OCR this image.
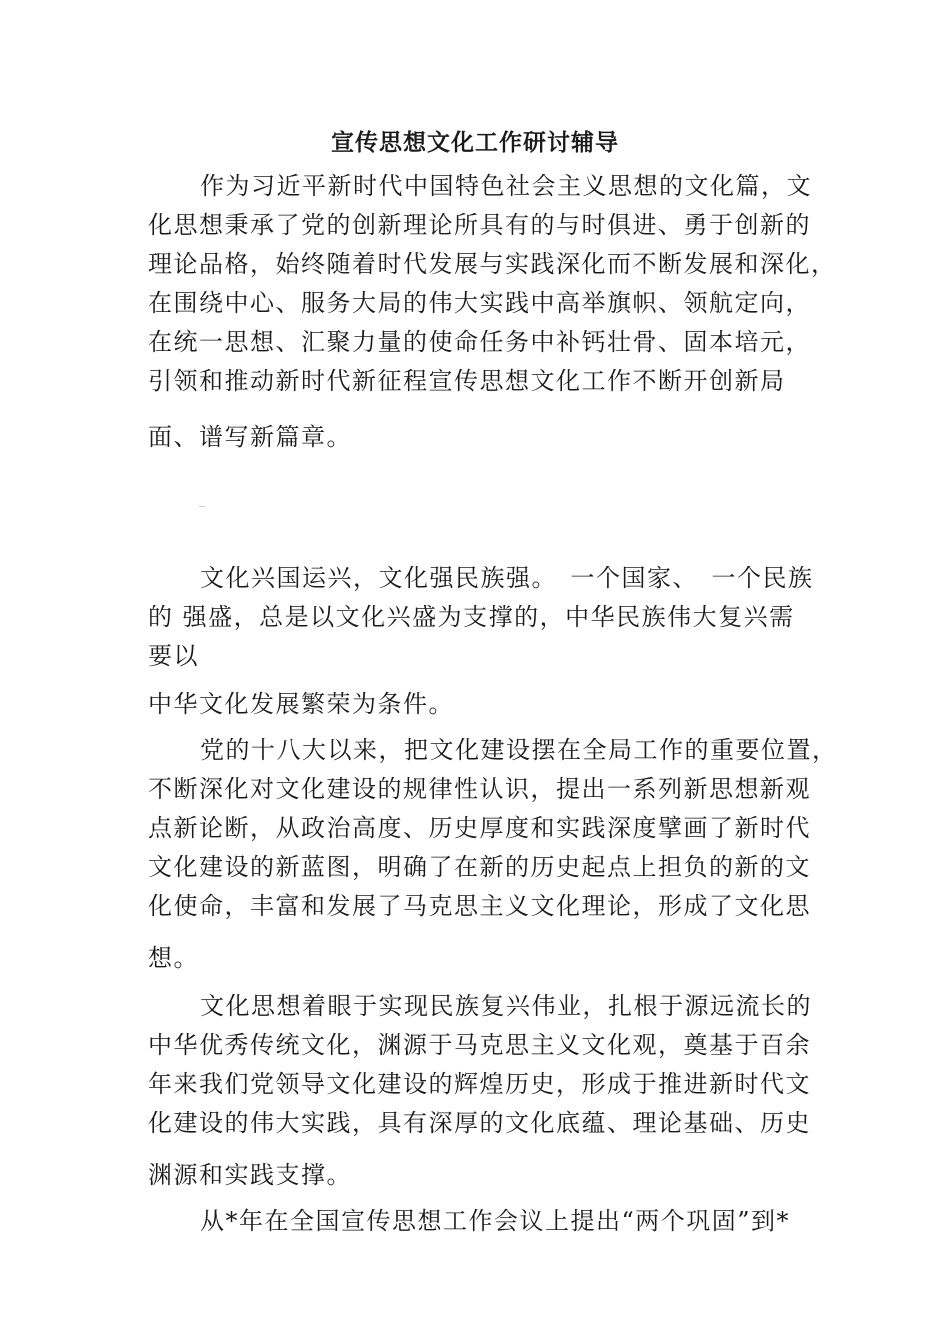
宣传思想文化工作研讨辅导
作为习近平新时代中国特色社会主义思想的文化篇，文
化思想秉承了党的创新理论所具有的与时俱进、勇于创新的
理论品格，始终随着时代发展与实践深化而不断发展和深化，
在围绕中心、服务大局的伟大实践中高举旗帜、领航定向，
在统一思想、汇聚力量的使命任务中补钙壮骨、固本培元，
引领和推动新时代新征程宣传思想文化工作不断开创新局
面、谱写新篇章。
文化兴国运兴，文化强民族强。　一个国家、　一个民族
的 强盛，总是以文化兴盛为支撑的，中华民族伟大复兴需
要以
中华文化发展繁荣为条件。
党的十八大以来，把文化建设摆在全局工作的重要位置，
不断深化对文化建设的规律性认识，提出一系列新思想新观
点新论断，从政治高度、历史厚度和实践深度擘画了新时代
文化建设的新蓝图，明确了在新的历史起点上担负的新的文
化使命，丰富和发展了马克思主义文化理论，形成了文化思
想。
文化思想着眼于实现民族复兴伟业，扎根于源远流长的
中华优秀传统文化，渊源于马克思主义文化观，奠基于百余
年来我们党领导文化建设的辉煌历史，形成于推进新时代文
化建设的伟大实践，具有深厚的文化底蕴、理论基础、历史
渊源和实践支撑。
从*年在全国宣传思想工作会议上提出“两个巩固”到*
